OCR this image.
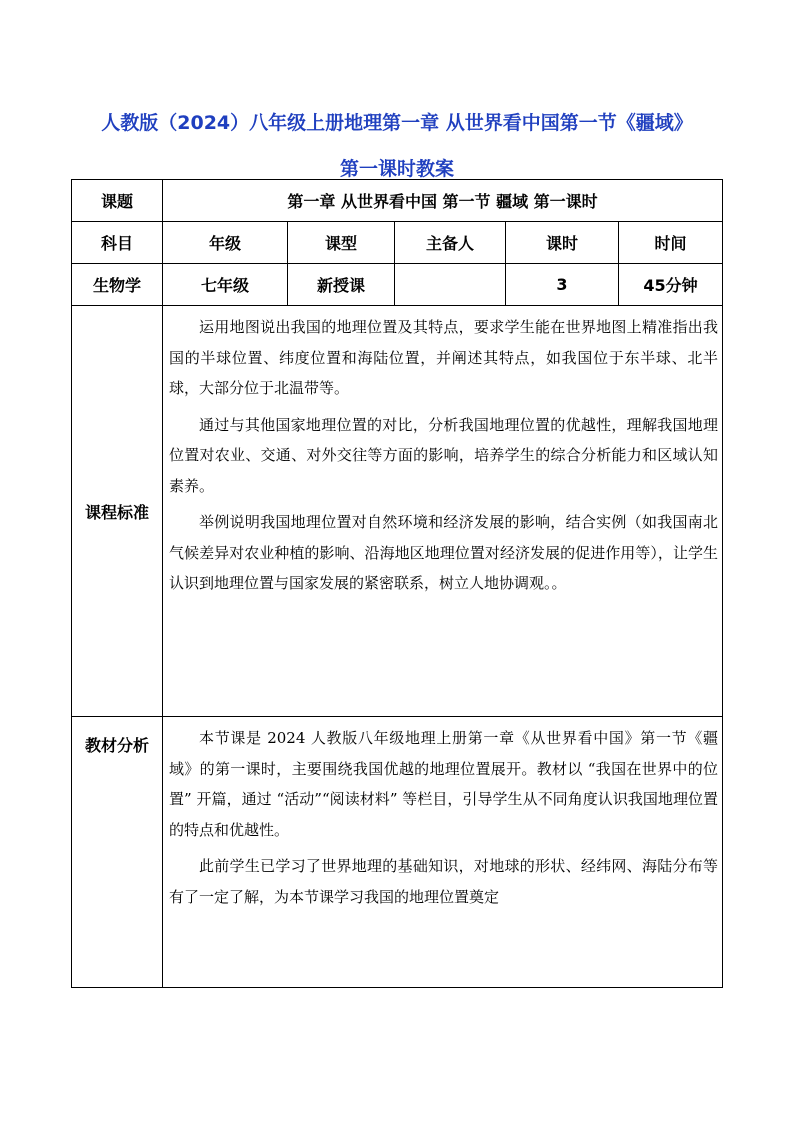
人教版（2024）八年级上册地理第一章 从世界看中国第一节《疆域》
第一课时教案
课题	第一章 从世界看中国 第一节 疆域 第一课时				
科目	年级	课型	主备人	课时	时间
生物学	七年级	新授课		3	45分钟
课程标准	运用地图说出我国的地理位置及其特点，要求学生能在世界地图上精准指出我国的半球位置、纬度位置和海陆位置，并阐述其特点，如我国位于东半球、北半球，大部分位于北温带等。

通过与其他国家地理位置的对比，分析我国地理位置的优越性，理解我国地理位置对农业、交通、对外交往等方面的影响，培养学生的综合分析能力和区域认知素养。

举例说明我国地理位置对自然环境和经济发展的影响，结合实例（如我国南北气候差异对农业种植的影响、沿海地区地理位置对经济发展的促进作用等），让学生认识到地理位置与国家发展的紧密联系，树立人地协调观。。				

教材分析	本节课是 2024 人教版八年级地理上册第一章《从世界看中国》第一节《疆域》的第一课时，主要围绕我国优越的地理位置展开。教材以 “我国在世界中的位置” 开篇，通过 “活动”“阅读材料” 等栏目，引导学生从不同角度认识我国地理位置的特点和优越性。

此前学生已学习了世界地理的基础知识，对地球的形状、经纬网、海陆分布等有了一定了解，为本节课学习我国的地理位置奠定				
